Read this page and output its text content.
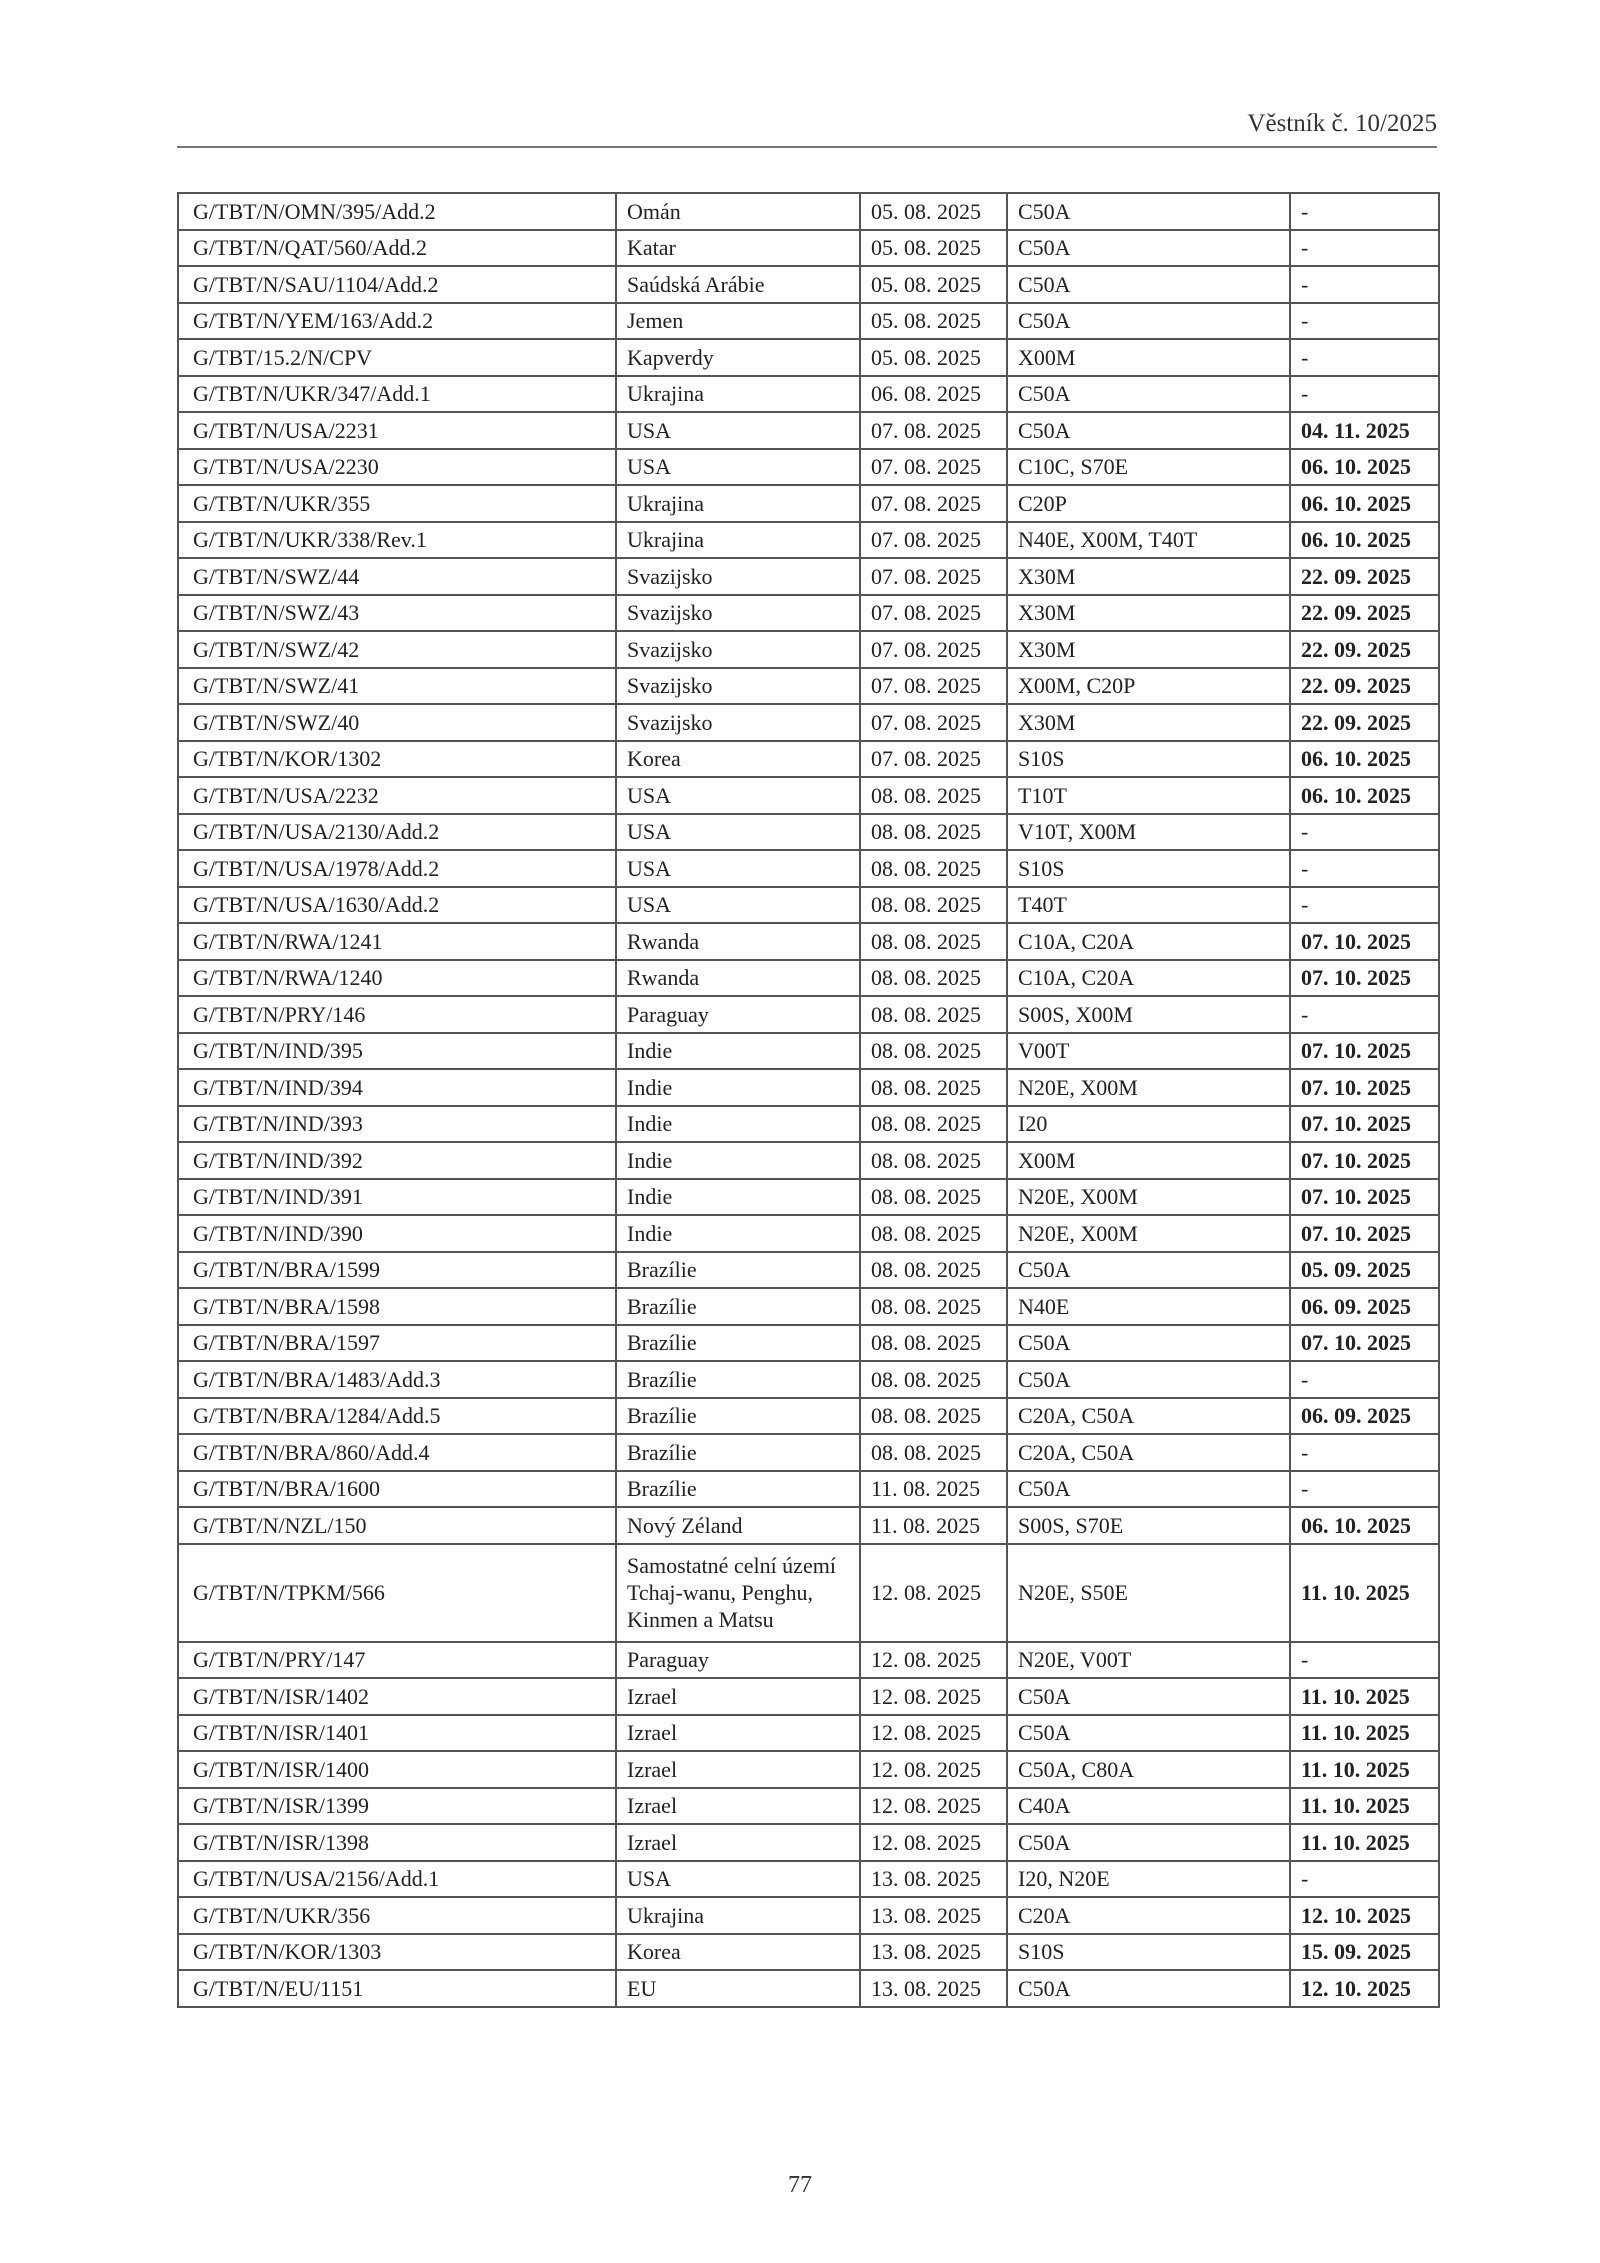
Věstník č. 10/2025
G/TBT/N/OMN/395/Add.2	Omán	05. 08. 2025	C50A	-
G/TBT/N/QAT/560/Add.2	Katar	05. 08. 2025	C50A	-
G/TBT/N/SAU/1104/Add.2	Saúdská Arábie	05. 08. 2025	C50A	-
G/TBT/N/YEM/163/Add.2	Jemen	05. 08. 2025	C50A	-
G/TBT/15.2/N/CPV	Kapverdy	05. 08. 2025	X00M	-
G/TBT/N/UKR/347/Add.1	Ukrajina	06. 08. 2025	C50A	-
G/TBT/N/USA/2231	USA	07. 08. 2025	C50A	04. 11. 2025
G/TBT/N/USA/2230	USA	07. 08. 2025	C10C, S70E	06. 10. 2025
G/TBT/N/UKR/355	Ukrajina	07. 08. 2025	C20P	06. 10. 2025
G/TBT/N/UKR/338/Rev.1	Ukrajina	07. 08. 2025	N40E, X00M, T40T	06. 10. 2025
G/TBT/N/SWZ/44	Svazijsko	07. 08. 2025	X30M	22. 09. 2025
G/TBT/N/SWZ/43	Svazijsko	07. 08. 2025	X30M	22. 09. 2025
G/TBT/N/SWZ/42	Svazijsko	07. 08. 2025	X30M	22. 09. 2025
G/TBT/N/SWZ/41	Svazijsko	07. 08. 2025	X00M, C20P	22. 09. 2025
G/TBT/N/SWZ/40	Svazijsko	07. 08. 2025	X30M	22. 09. 2025
G/TBT/N/KOR/1302	Korea	07. 08. 2025	S10S	06. 10. 2025
G/TBT/N/USA/2232	USA	08. 08. 2025	T10T	06. 10. 2025
G/TBT/N/USA/2130/Add.2	USA	08. 08. 2025	V10T, X00M	-
G/TBT/N/USA/1978/Add.2	USA	08. 08. 2025	S10S	-
G/TBT/N/USA/1630/Add.2	USA	08. 08. 2025	T40T	-
G/TBT/N/RWA/1241	Rwanda	08. 08. 2025	C10A, C20A	07. 10. 2025
G/TBT/N/RWA/1240	Rwanda	08. 08. 2025	C10A, C20A	07. 10. 2025
G/TBT/N/PRY/146	Paraguay	08. 08. 2025	S00S, X00M	-
G/TBT/N/IND/395	Indie	08. 08. 2025	V00T	07. 10. 2025
G/TBT/N/IND/394	Indie	08. 08. 2025	N20E, X00M	07. 10. 2025
G/TBT/N/IND/393	Indie	08. 08. 2025	I20	07. 10. 2025
G/TBT/N/IND/392	Indie	08. 08. 2025	X00M	07. 10. 2025
G/TBT/N/IND/391	Indie	08. 08. 2025	N20E, X00M	07. 10. 2025
G/TBT/N/IND/390	Indie	08. 08. 2025	N20E, X00M	07. 10. 2025
G/TBT/N/BRA/1599	Brazílie	08. 08. 2025	C50A	05. 09. 2025
G/TBT/N/BRA/1598	Brazílie	08. 08. 2025	N40E	06. 09. 2025
G/TBT/N/BRA/1597	Brazílie	08. 08. 2025	C50A	07. 10. 2025
G/TBT/N/BRA/1483/Add.3	Brazílie	08. 08. 2025	C50A	-
G/TBT/N/BRA/1284/Add.5	Brazílie	08. 08. 2025	C20A, C50A	06. 09. 2025
G/TBT/N/BRA/860/Add.4	Brazílie	08. 08. 2025	C20A, C50A	-
G/TBT/N/BRA/1600	Brazílie	11. 08. 2025	C50A	-
G/TBT/N/NZL/150	Nový Zéland	11. 08. 2025	S00S, S70E	06. 10. 2025
G/TBT/N/TPKM/566	Samostatné celní území Tchaj-wanu, Penghu, Kinmen a Matsu	12. 08. 2025	N20E, S50E	11. 10. 2025
G/TBT/N/PRY/147	Paraguay	12. 08. 2025	N20E, V00T	-
G/TBT/N/ISR/1402	Izrael	12. 08. 2025	C50A	11. 10. 2025
G/TBT/N/ISR/1401	Izrael	12. 08. 2025	C50A	11. 10. 2025
G/TBT/N/ISR/1400	Izrael	12. 08. 2025	C50A, C80A	11. 10. 2025
G/TBT/N/ISR/1399	Izrael	12. 08. 2025	C40A	11. 10. 2025
G/TBT/N/ISR/1398	Izrael	12. 08. 2025	C50A	11. 10. 2025
G/TBT/N/USA/2156/Add.1	USA	13. 08. 2025	I20, N20E	-
G/TBT/N/UKR/356	Ukrajina	13. 08. 2025	C20A	12. 10. 2025
G/TBT/N/KOR/1303	Korea	13. 08. 2025	S10S	15. 09. 2025
G/TBT/N/EU/1151	EU	13. 08. 2025	C50A	12. 10. 2025
77
